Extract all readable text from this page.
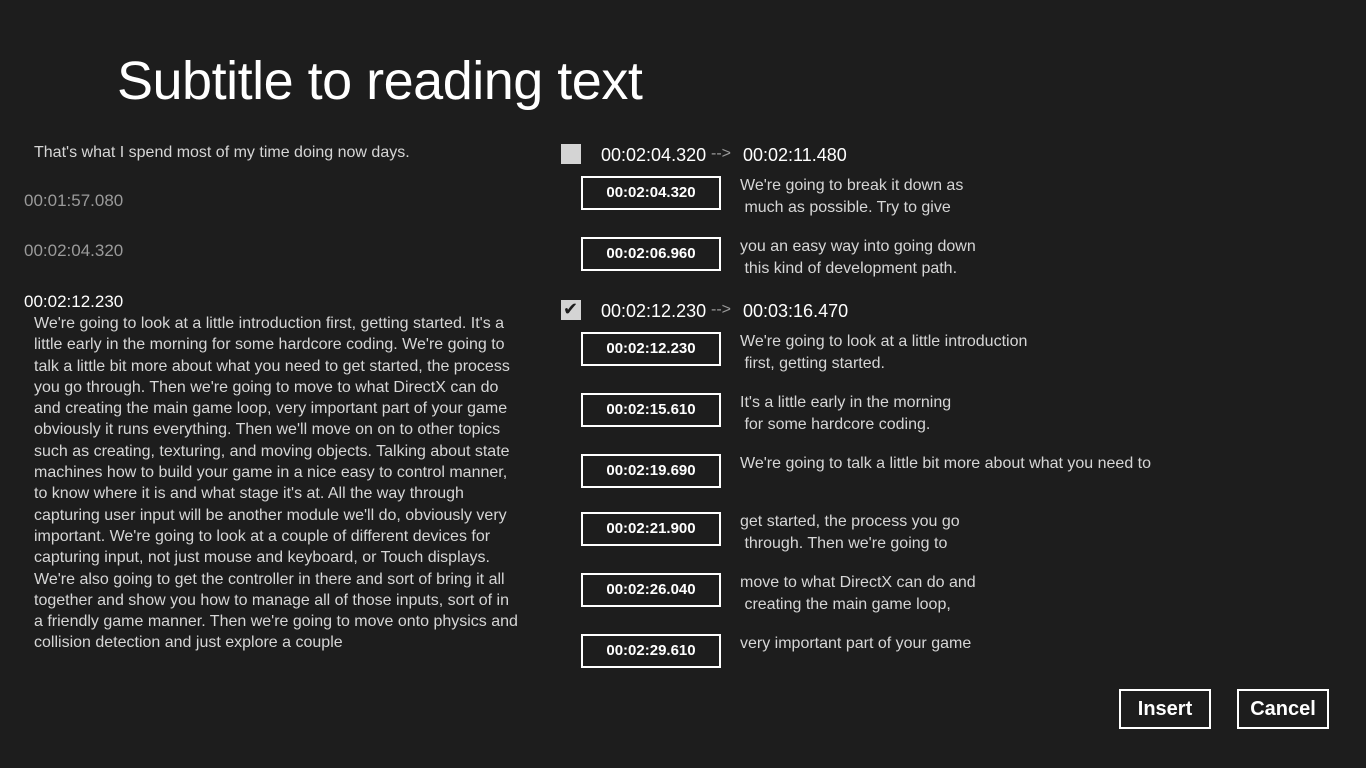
Subtitle to reading text
That's what I spend most of my time doing now days.
00:01:57.080
00:02:04.320
00:02:12.230
We're going to look at a little introduction first, getting started. It's a little early in the morning for some hardcore coding. We're going to talk a little bit more about what you need to get started, the process you go through. Then we're going to move to what DirectX can do and creating the main game loop, very important part of your game obviously it runs everything. Then we'll move on on to other topics such as creating, texturing, and moving objects. Talking about state machines how to build your game in a nice easy to control manner, to know where it is and what stage it's at. All the way through capturing user input will be another module we'll do, obviously very important. We're going to look at a couple of different devices for capturing input, not just mouse and keyboard, or Touch displays. We're also going to get the controller in there and sort of bring it all together and show you how to manage all of those inputs, sort of in a friendly game manner. Then we're going to move onto physics and collision detection and just explore a couple
00:02:04.320 --> 00:02:11.480
00:02:04.320	We're going to break it down as
much as possible. Try to give
00:02:06.960	you an easy way into going down
this kind of development path.
✔ 00:02:12.230 --> 00:03:16.470
00:02:12.230	We're going to look at a little introduction
first, getting started.
00:02:15.610	It's a little early in the morning
for some hardcore coding.
00:02:19.690	We're going to talk a little bit more about what you need to
00:02:21.900	get started, the process you go
through. Then we're going to
00:02:26.040	move to what DirectX can do and
creating the main game loop,
00:02:29.610	very important part of your game
Insert	Cancel
